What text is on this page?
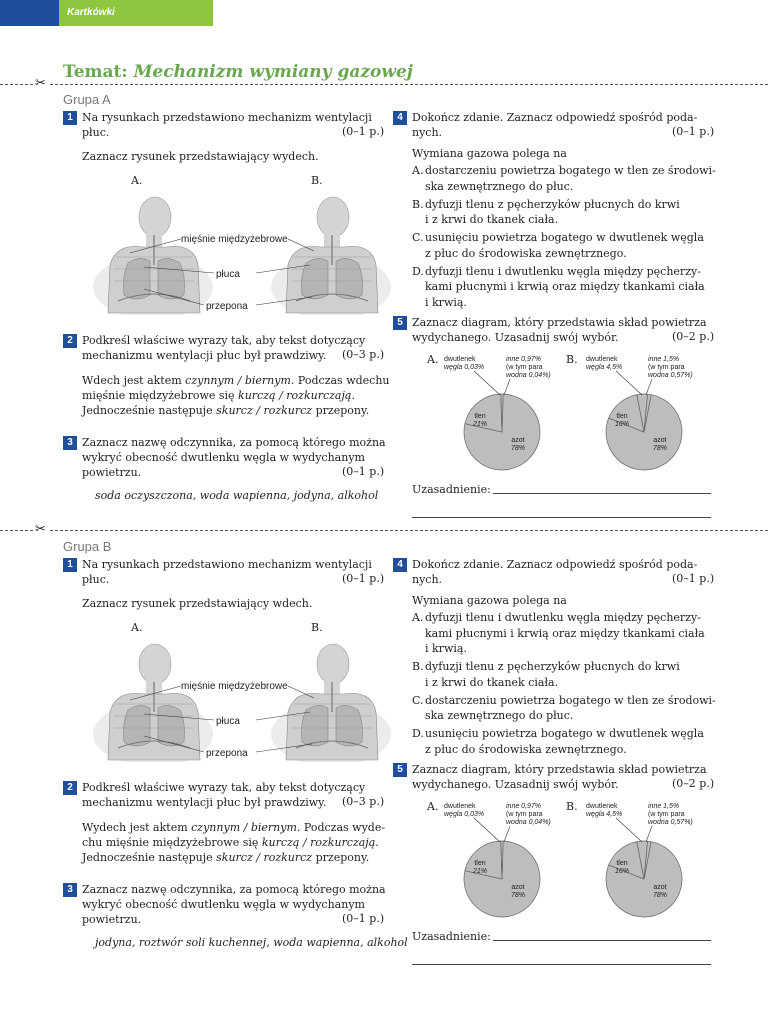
Kartkówki
Temat: Mechanizm wymiany gazowej
✂
Grupa A
✂
Grupa B
1 Na rysunkach przedstawiono mechanizm wentylacji
płuc.	(0–1 p.)
Zaznacz rysunek przedstawiający wydech.
A.	B.
mięśnie międzyżebrowe
płuca
przepona
2 Podkreśl właściwe wyrazy tak, aby tekst dotyczący
mechanizmu wentylacji płuc był prawdziwy. (0–3 p.)
Wdech jest aktem czynnym / biernym. Podczas wdechu
mięśnie międzyżebrowe się kurczą / rozkurczają.
Jednocześnie następuje skurcz / rozkurcz przepony.
3 Zaznacz nazwę odczynnika, za pomocą którego można
wykryć obecność dwutlenku węgla w wydychanym
powietrzu.	(0–1 p.)
soda oczyszczona, woda wapienna, jodyna, alkohol
4 Dokończ zdanie. Zaznacz odpowiedź spośród poda-
nych.	(0–1 p.)
Wymiana gazowa polega na
A. dostarczeniu powietrza bogatego w tlen ze środowi-
ska zewnętrznego do płuc.
B. dyfuzji tlenu z pęcherzyków płucnych do krwi
i z krwi do tkanek ciała.
C. usunięciu powietrza bogatego w dwutlenek węgla
z płuc do środowiska zewnętrznego.
D. dyfuzji tlenu i dwutlenku węgla między pęcherzy-
kami płucnymi i krwią oraz między tkankami ciała
i krwią.
5 Zaznacz diagram, który przedstawia skład powietrza
wydychanego. Uzasadnij swój wybór.	(0–2 p.)
A.	B.
dwutlenek
węgla 0,03%
inne 0,97%
(w tym para
wodna 0,04%)
tlen
21%
azot
78%
dwutlenek
węgla 4,5%
inne 1,5%
(w tym para
wodna 0,57%)
tlen
16%
azot
78%
Uzasadnienie:
1 Na rysunkach przedstawiono mechanizm wentylacji
płuc.	(0–1 p.)
Zaznacz rysunek przedstawiający wdech.
A.	B.
mięśnie międzyżebrowe
płuca
przepona
2 Podkreśl właściwe wyrazy tak, aby tekst dotyczący
mechanizmu wentylacji płuc był prawdziwy. (0–3 p.)
Wydech jest aktem czynnym / biernym. Podczas wyde-
chu mięśnie międzyżebrowe się kurczą / rozkurczają.
Jednocześnie następuje skurcz / rozkurcz przepony.
3 Zaznacz nazwę odczynnika, za pomocą którego można
wykryć obecność dwutlenku węgla w wydychanym
powietrzu.	(0–1 p.)
jodyna, roztwór soli kuchennej, woda wapienna, alkohol
4 Dokończ zdanie. Zaznacz odpowiedź spośród poda-
nych.	(0–1 p.)
Wymiana gazowa polega na
A. dyfuzji tlenu i dwutlenku węgla między pęcherzy-
kami płucnymi i krwią oraz między tkankami ciała
i krwią.
B. dyfuzji tlenu z pęcherzyków płucnych do krwi
i z krwi do tkanek ciała.
C. dostarczeniu powietrza bogatego w tlen ze środowi-
ska zewnętrznego do płuc.
D. usunięciu powietrza bogatego w dwutlenek węgla
z płuc do środowiska zewnętrznego.
5 Zaznacz diagram, który przedstawia skład powietrza
wydychanego. Uzasadnij swój wybór.	(0–2 p.)
A.	B.
dwutlenek
węgla 0,03%
inne 0,97%
(w tym para
wodna 0,04%)
tlen
21%
azot
78%
dwutlenek
węgla 4,5%
inne 1,5%
(w tym para
wodna 0,57%)
tlen
16%
azot
78%
Uzasadnienie:
